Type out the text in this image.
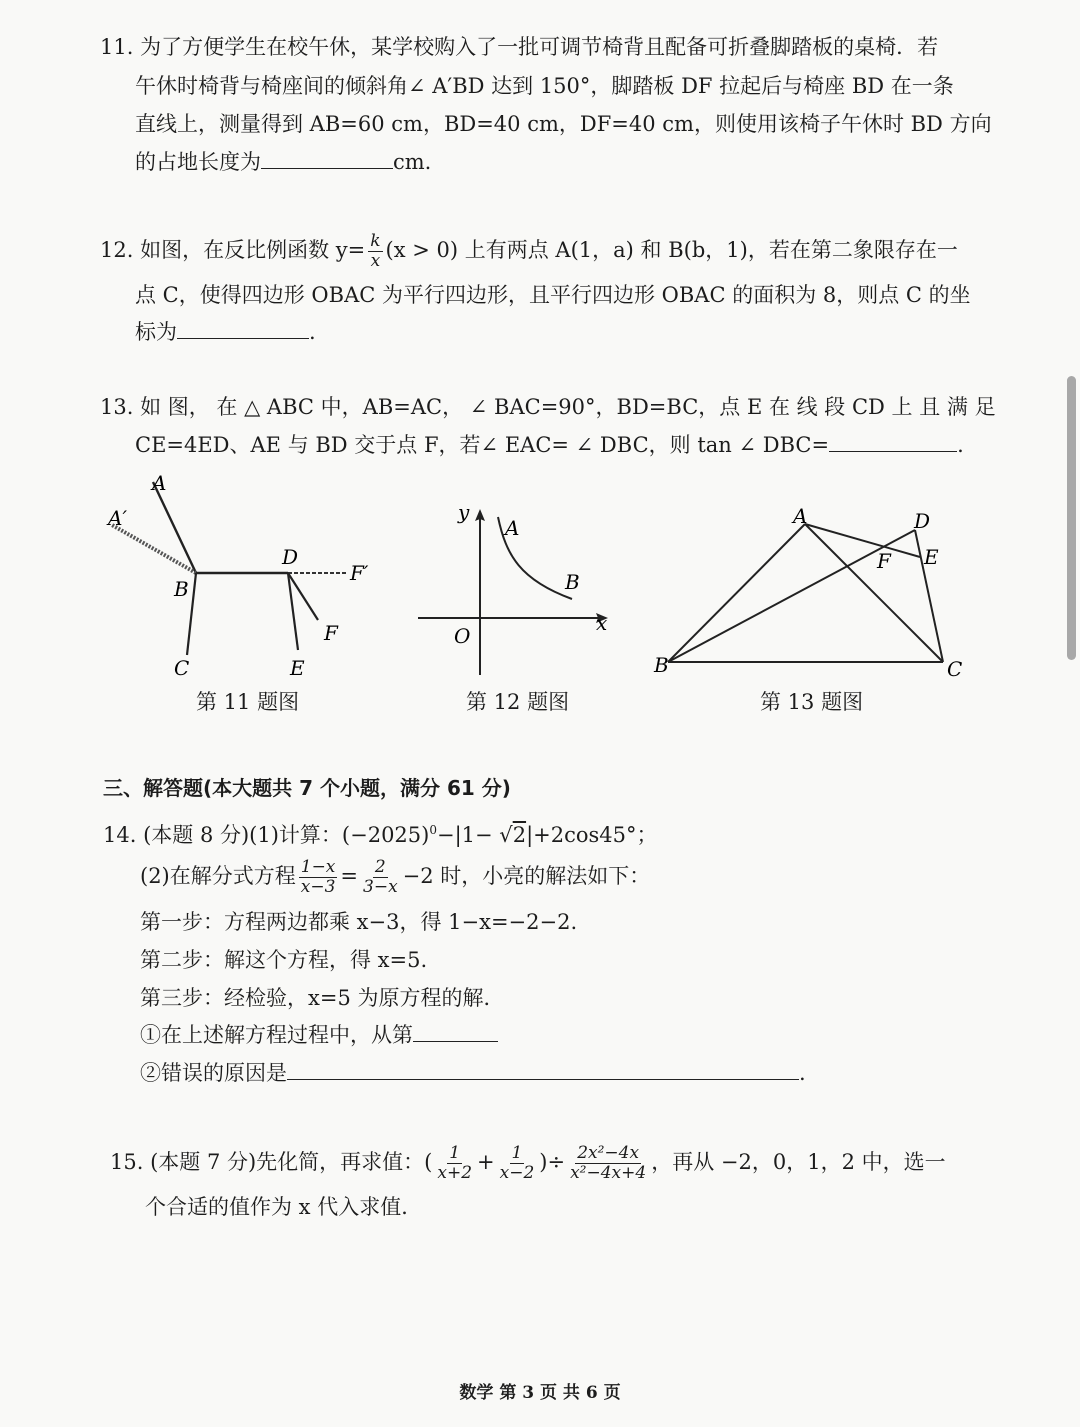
11. 为了方便学生在校午休，某学校购入了一批可调节椅背且配备可折叠脚踏板的桌椅．若
午休时椅背与椅座间的倾斜角∠ A′BD 达到 150°，脚踏板 DF 拉起后与椅座 BD 在一条
直线上，测量得到 AB=60 cm，BD=40 cm，DF=40 cm，则使用该椅子午休时 BD 方向
的占地长度为	cm.
12. 如图，在反比例函数 $y= \frac{k}{x} (x > 0)$ 上有两点 A(1，a) 和 B(b，1)，若在第二象限存在一
点 C，使得四边形 OBAC 为平行四边形，且平行四边形 OBAC 的面积为 8，则点 C 的坐
标为	.
13. 如 图， 在 △ ABC 中，AB=AC， ∠ BAC=90°，BD=BC，点 E 在 线 段 CD 上 且 满 足
CE=4ED、AE 与 BD 交于点 F，若∠ EAC= ∠ DBC，则 tan ∠ DBC=	.
A
A′
B
D
F′
F
C	E
第 11 题图
y
A
B
x
O
第 12 题图
A	D
F E
B	C
第 13 题图
三、解答题(本大题共 7 个小题，满分 61 分)
14. (本题 8 分)(1)计算：$(-2025)^0-|1- √2|+2\cos 45^\circ$；
(2)在解分式方程 $\frac{1-x}{x-3} = \frac{2}{3-x} -2$ 时，小亮的解法如下：
第一步：方程两边都乘 x−3，得 1−x=−2−2.
第二步：解这个方程，得 x=5.
第三步：经检验，x=5 为原方程的解．
①在上述解方程过程中，从第
②错误的原因是	.
15. (本题 7 分)先化简，再求值：( $\frac{1}{x+2} + \frac{1}{x-2}$ )÷ $\frac{\text{2x²−4x}}{\text{x²−4x+4}}$ ，再从 −2，0，1，2 中，选一
个合适的值作为 x 代入求值．
数学 第 3 页 共 6 页
